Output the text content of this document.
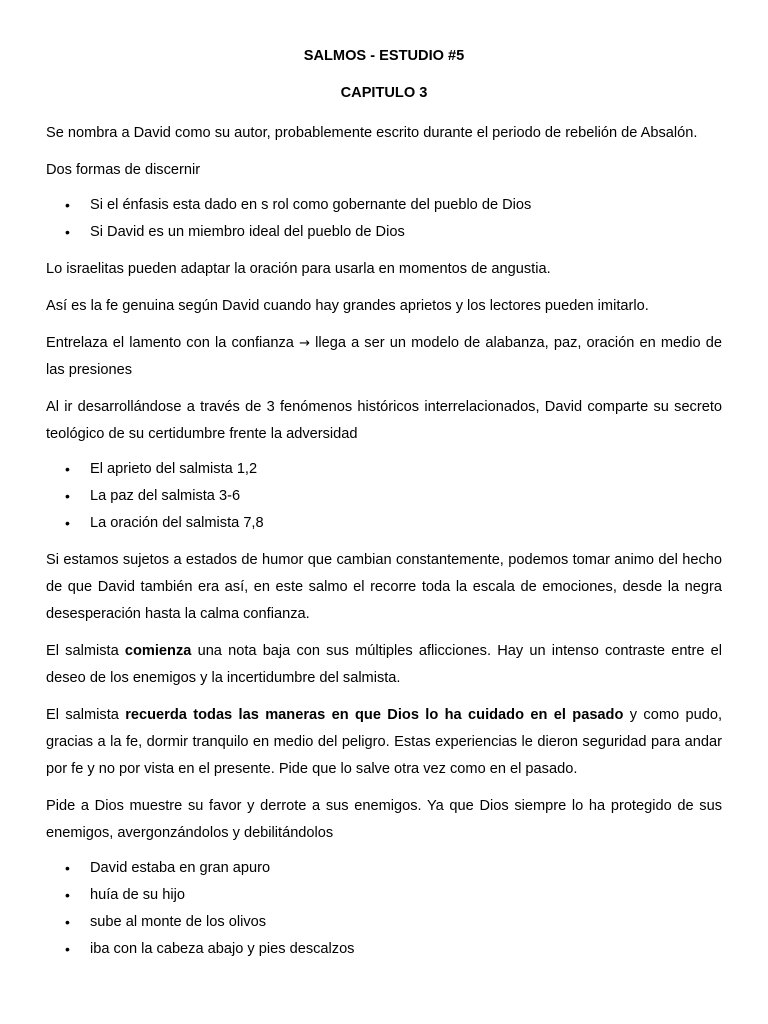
SALMOS - ESTUDIO #5
CAPITULO 3

Se nombra a David como su autor, probablemente escrito durante el periodo de rebelión de Absalón.

Dos formas de discernir

• Si el énfasis esta dado en s rol como gobernante del pueblo de Dios
• Si David es un miembro ideal del pueblo de Dios

Lo israelitas pueden adaptar la oración para usarla en momentos de angustia.

Así es la fe genuina según David cuando hay grandes aprietos y los lectores pueden imitarlo.

Entrelaza el lamento con la confianza → llega a ser un modelo de alabanza, paz, oración en medio de las presiones

Al ir desarrollándose a través de 3 fenómenos históricos interrelacionados, David comparte su secreto teológico de su certidumbre frente la adversidad

• El aprieto del salmista 1,2
• La paz del salmista 3-6
• La oración del salmista 7,8

Si estamos sujetos a estados de humor que cambian constantemente, podemos tomar animo del hecho de que David también era así, en este salmo el recorre toda la escala de emociones, desde la negra desesperación hasta la calma confianza.

El salmista comienza una nota baja con sus múltiples aflicciones. Hay un intenso contraste entre el deseo de los enemigos y la incertidumbre del salmista.

El salmista recuerda todas las maneras en que Dios lo ha cuidado en el pasado y como pudo, gracias a la fe, dormir tranquilo en medio del peligro. Estas experiencias le dieron seguridad para andar por fe y no por vista en el presente. Pide que lo salve otra vez como en el pasado.

Pide a Dios muestre su favor y derrote a sus enemigos. Ya que Dios siempre lo ha protegido de sus enemigos, avergonzándolos y debilitándolos

• David estaba en gran apuro
• huía de su hijo
• sube al monte de los olivos
• iba con la cabeza abajo y pies descalzos
